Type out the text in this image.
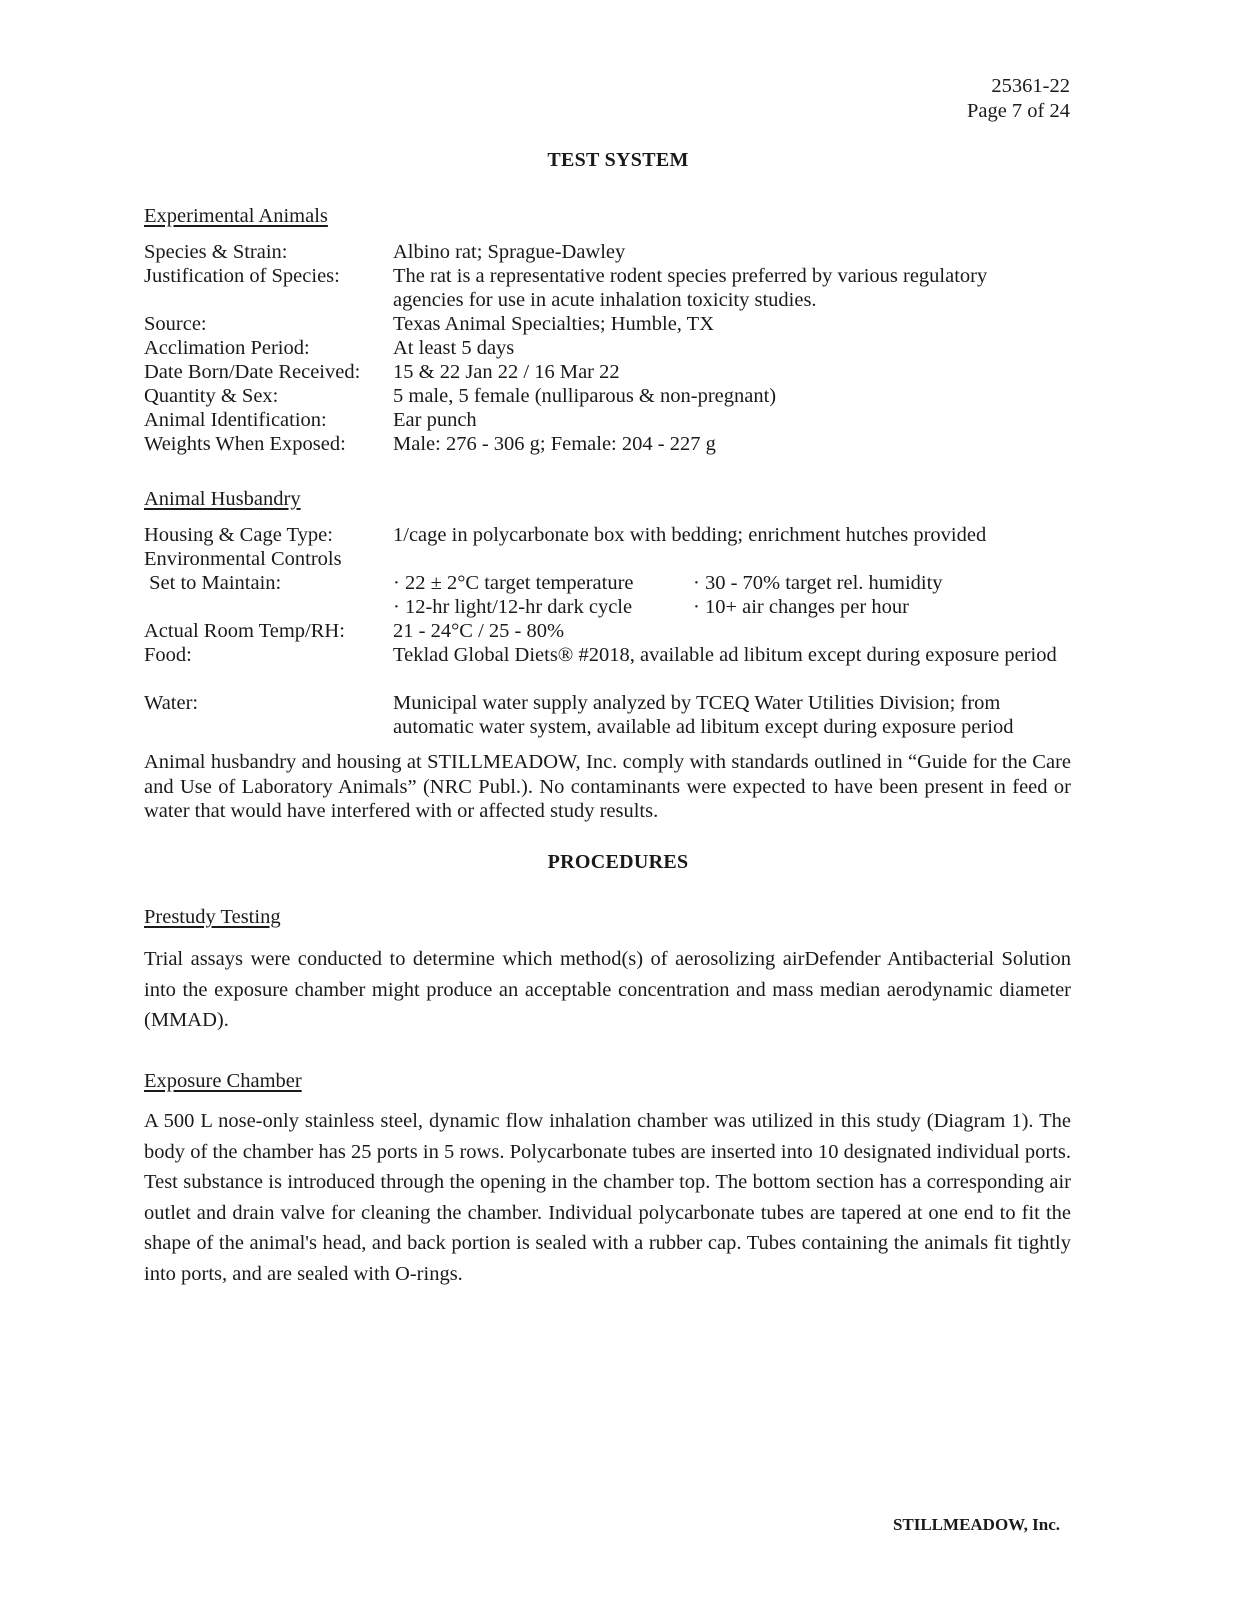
25361-22
Page 7 of 24
TEST SYSTEM
Experimental Animals
Species & Strain:	Albino rat; Sprague-Dawley
Justification of Species:	The rat is a representative rodent species preferred by various regulatory agencies for use in acute inhalation toxicity studies.
Source:	Texas Animal Specialties; Humble, TX
Acclimation Period:	At least 5 days
Date Born/Date Received:	15 & 22 Jan 22 / 16 Mar 22
Quantity & Sex:	5 male, 5 female (nulliparous & non-pregnant)
Animal Identification:	Ear punch
Weights When Exposed:	Male: 276 - 306 g; Female: 204 - 227 g
Animal Husbandry
Housing & Cage Type:	1/cage in polycarbonate box with bedding; enrichment hutches provided
Environmental Controls
Set to Maintain:	· 22 ± 2°C target temperature	· 30 - 70% target rel. humidity
· 12-hr light/12-hr dark cycle	· 10+ air changes per hour
Actual Room Temp/RH:	21 - 24°C / 25 - 80%
Food:	Teklad Global Diets® #2018, available ad libitum except during exposure period
Water:	Municipal water supply analyzed by TCEQ Water Utilities Division; from automatic water system, available ad libitum except during exposure period
Animal husbandry and housing at STILLMEADOW, Inc. comply with standards outlined in “Guide for the Care and Use of Laboratory Animals” (NRC Publ.). No contaminants were expected to have been present in feed or water that would have interfered with or affected study results.
PROCEDURES
Prestudy Testing
Trial assays were conducted to determine which method(s) of aerosolizing airDefender Antibacterial Solution into the exposure chamber might produce an acceptable concentration and mass median aerodynamic diameter (MMAD).
Exposure Chamber
A 500 L nose-only stainless steel, dynamic flow inhalation chamber was utilized in this study (Diagram 1). The body of the chamber has 25 ports in 5 rows. Polycarbonate tubes are inserted into 10 designated individual ports. Test substance is introduced through the opening in the chamber top. The bottom section has a corresponding air outlet and drain valve for cleaning the chamber. Individual polycarbonate tubes are tapered at one end to fit the shape of the animal's head, and back portion is sealed with a rubber cap. Tubes containing the animals fit tightly into ports, and are sealed with O-rings.
STILLMEADOW, Inc.
